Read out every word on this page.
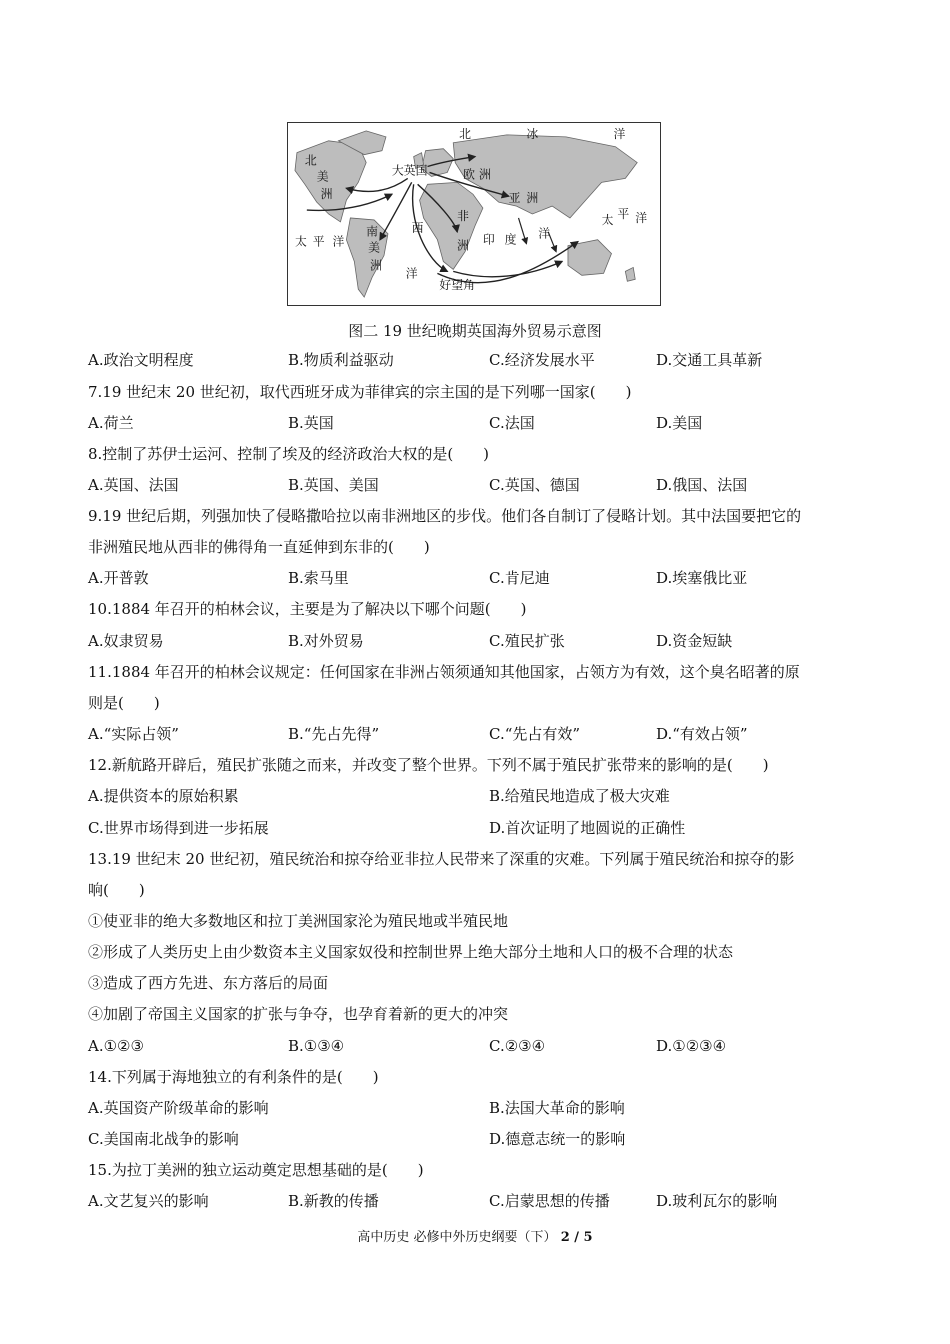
北	冰	洋
北
美
洲
大英国	欧 洲
亚 洲
非
洲
西
南
美
洲
太 平 洋	印 度 洋
洋
太 平 洋
好望角
图二 19 世纪晚期英国海外贸易示意图
A.政治文明程度	B.物质利益驱动	C.经济发展水平	D.交通工具革新
7.19 世纪末 20 世纪初，取代西班牙成为菲律宾的宗主国的是下列哪一国家(　　)
A.荷兰	B.英国	C.法国	D.美国
8.控制了苏伊士运河、控制了埃及的经济政治大权的是(　　)
A.英国、法国	B.英国、美国	C.英国、德国	D.俄国、法国
9.19 世纪后期，列强加快了侵略撒哈拉以南非洲地区的步伐。他们各自制订了侵略计划。其中法国要把它的
非洲殖民地从西非的佛得角一直延伸到东非的(　　)
A.开普敦	B.索马里	C.肯尼迪	D.埃塞俄比亚
10.1884 年召开的柏林会议，主要是为了解决以下哪个问题(　　)
A.奴隶贸易	B.对外贸易	C.殖民扩张	D.资金短缺
11.1884 年召开的柏林会议规定：任何国家在非洲占领须通知其他国家，占领方为有效，这个臭名昭著的原
则是(　　)
A.“实际占领”	B.“先占先得”	C.“先占有效”	D.“有效占领”
12.新航路开辟后，殖民扩张随之而来，并改变了整个世界。下列不属于殖民扩张带来的影响的是(　　)
A.提供资本的原始积累	B.给殖民地造成了极大灾难
C.世界市场得到进一步拓展	D.首次证明了地圆说的正确性
13.19 世纪末 20 世纪初，殖民统治和掠夺给亚非拉人民带来了深重的灾难。下列属于殖民统治和掠夺的影
响(　　)
①使亚非的绝大多数地区和拉丁美洲国家沦为殖民地或半殖民地
②形成了人类历史上由少数资本主义国家奴役和控制世界上绝大部分土地和人口的极不合理的状态
③造成了西方先进、东方落后的局面
④加剧了帝国主义国家的扩张与争夺，也孕育着新的更大的冲突
A.①②③	B.①③④	C.②③④	D.①②③④
14.下列属于海地独立的有利条件的是(　　)
A.英国资产阶级革命的影响	B.法国大革命的影响
C.美国南北战争的影响	D.德意志统一的影响
15.为拉丁美洲的独立运动奠定思想基础的是(　　)
A.文艺复兴的影响	B.新教的传播	C.启蒙思想的传播	D.玻利瓦尔的影响
高中历史 必修中外历史纲要（下） 2 / 5
